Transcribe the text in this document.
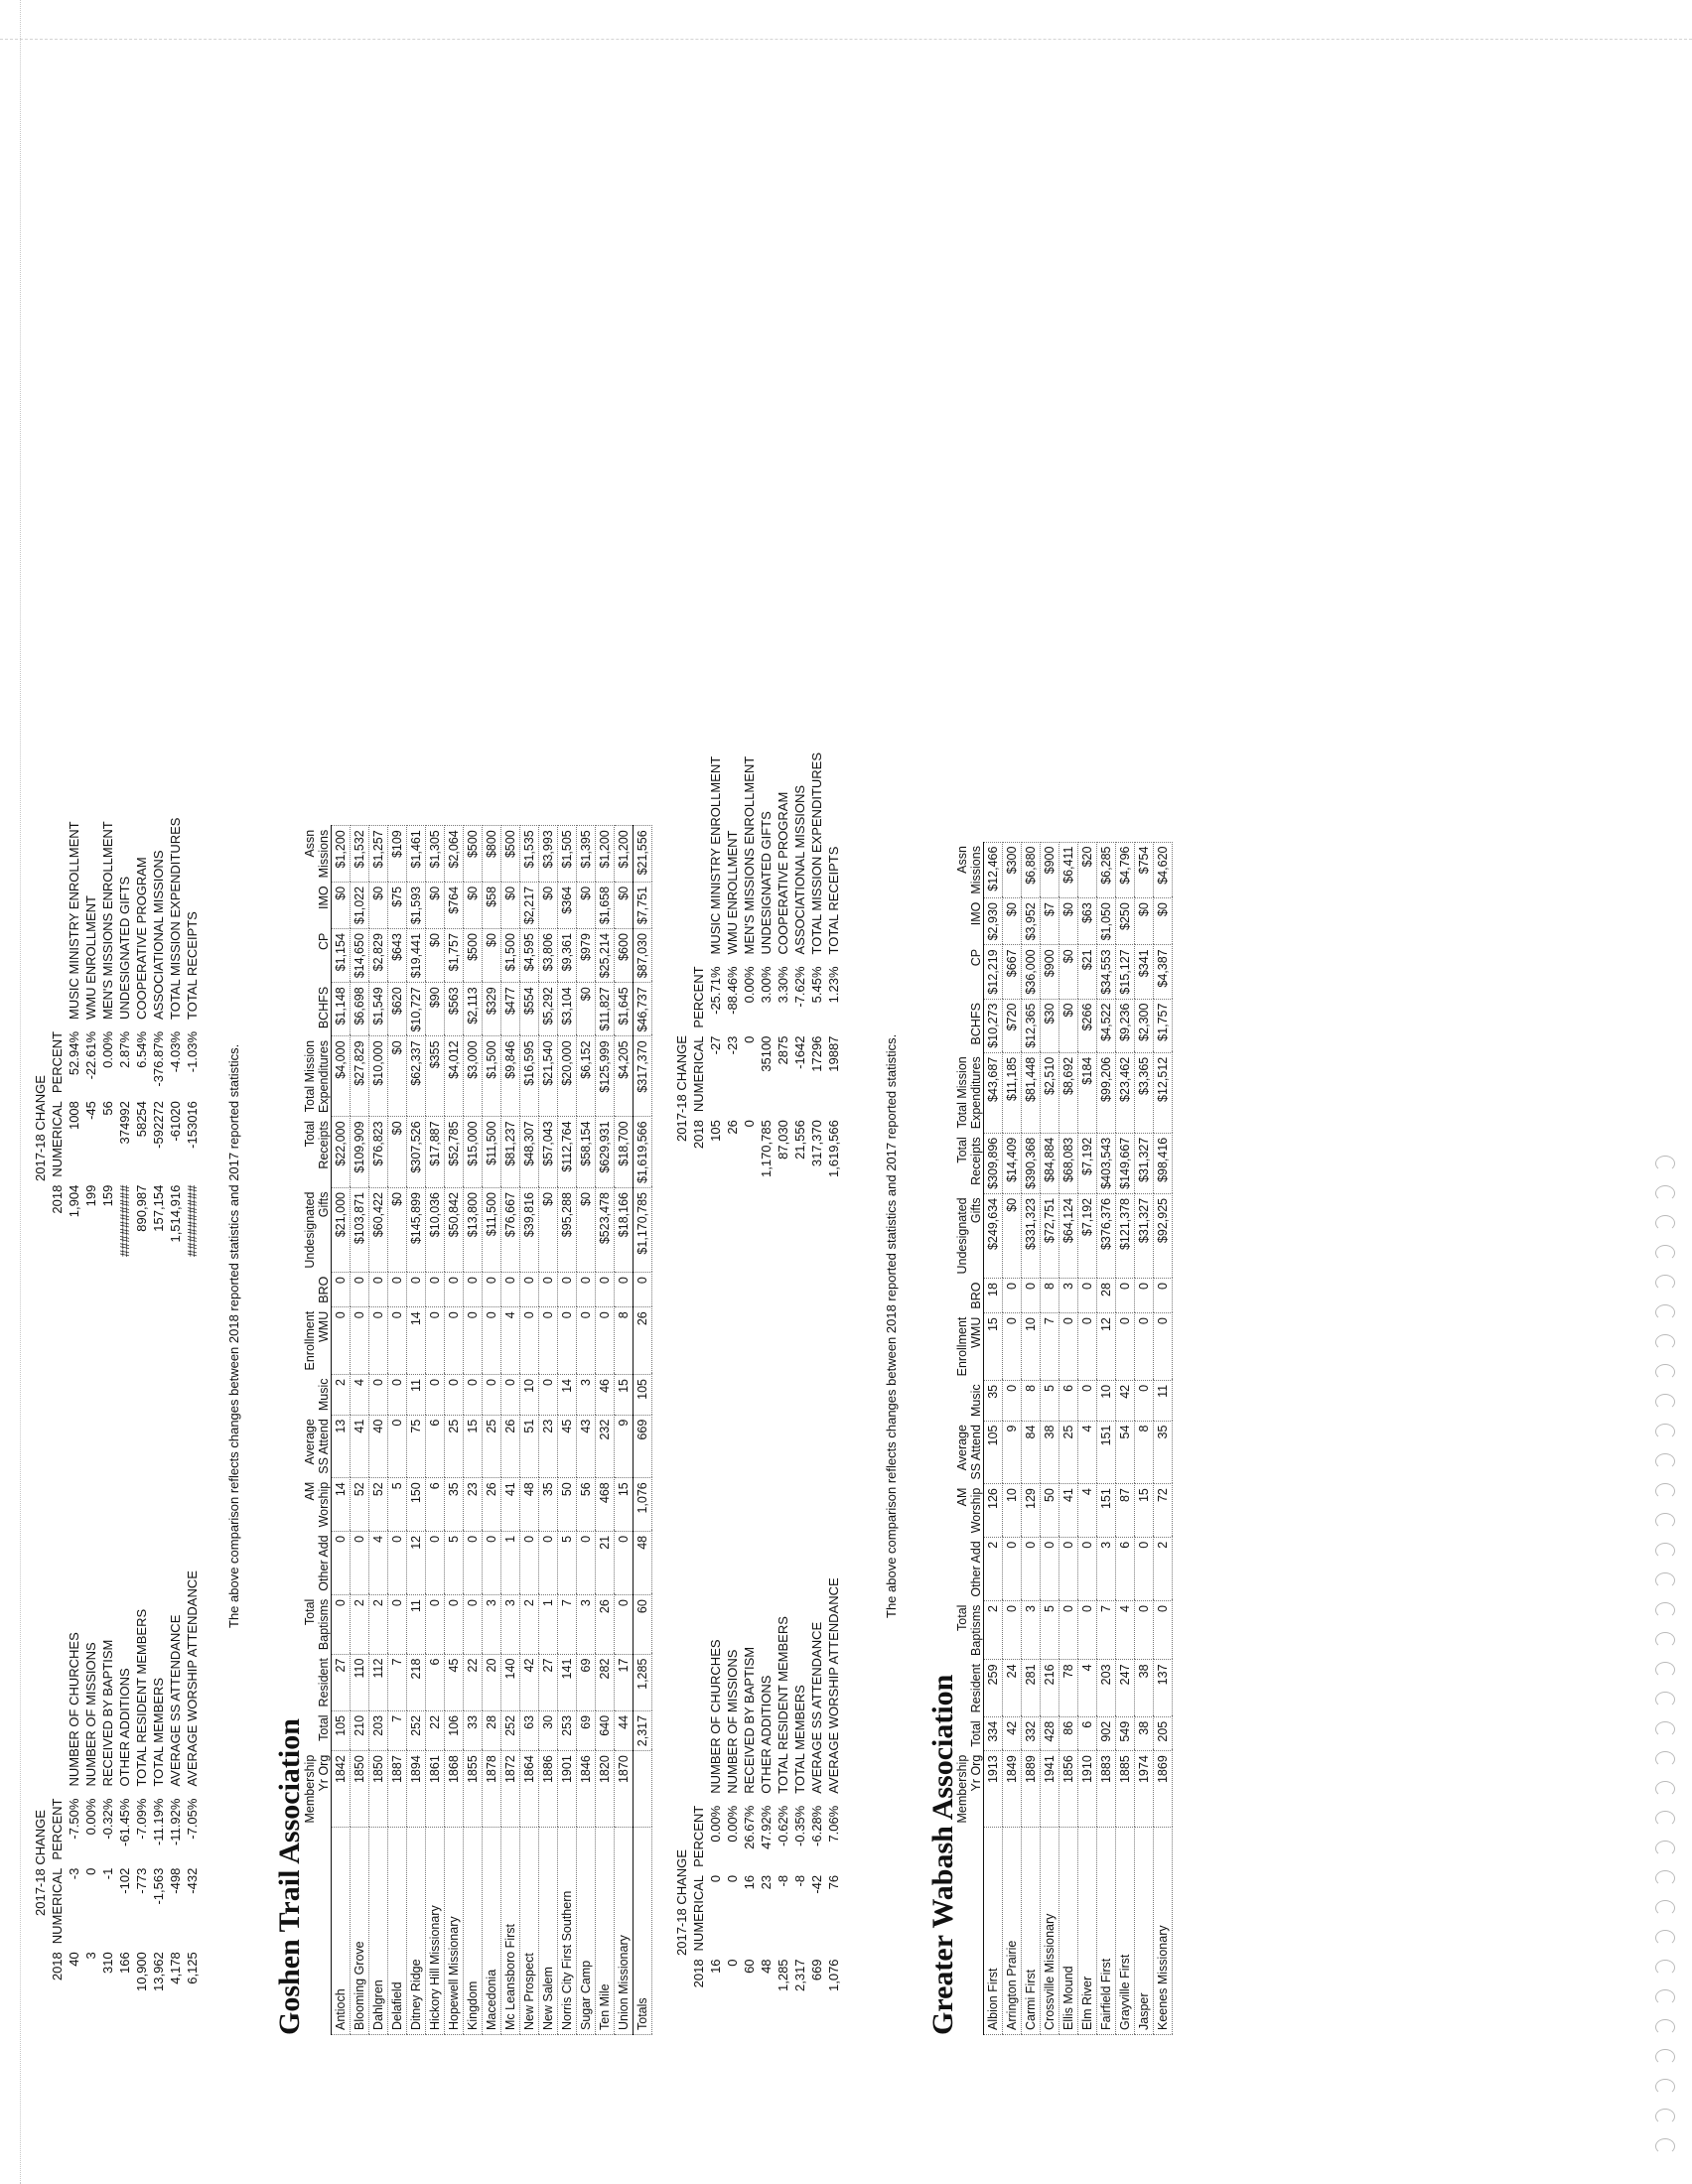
2017-18 CHANGE
2018	NUMERICAL	PERCENT	
40	-3	-7.50%	NUMBER OF CHURCHES
3	0	0.00%	NUMBER OF MISSIONS
310	-1	-0.32%	RECEIVED BY BAPTISM
166	-102	-61.45%	OTHER ADDITIONS
10,900	-773	-7.09%	TOTAL RESIDENT MEMBERS
13,962	-1,563	-11.19%	TOTAL MEMBERS
4,178	-498	-11.92%	AVERAGE SS ATTENDANCE
6,125	-432	-7.05%	AVERAGE WORSHIP ATTENDANCE
2017-18 CHANGE
2018	NUMERICAL	PERCENT	
1,904	1008	52.94%	MUSIC MINISTRY ENROLLMENT
199	-45	-22.61%	WMU ENROLLMENT
159	56	0.00%	MEN'S MISSIONS ENROLLMENT
##########	374992	2.87%	UNDESIGNATED GIFTS
890,987	58254	6.54%	COOPERATIVE PROGRAM
157,154	-592272	-376.87%	ASSOCIATIONAL MISSIONS
1,514,916	-61020	-4.03%	TOTAL MISSION EXPENDITURES
##########	-153016	-1.03%	TOTAL RECEIPTS
The above comparison reflects changes between 2018 reported statistics and 2017 reported statistics.
Goshen Trail Association
	Membership			Total		AM	Average		Enrollment		Undesignated	Total	Total Mission				Assn
	Yr Org	Total	Resident	Baptisms	Other Add	Worship	SS Attend	Music	WMU	BRO	Gifts	Receipts	Expenditures	BCHFS	CP	IMO	Missions
Antioch	1842	105	27	0	0	14	13	2	0	0	$21,000	$22,000	$4,000	$1,148	$1,154	$0	$1,200
Blooming Grove	1850	210	110	2	0	52	41	4	0	0	$103,871	$109,909	$27,829	$6,698	$14,650	$1,022	$1,532
Dahlgren	1850	203	112	2	4	52	40	0	0	0	$60,422	$76,823	$10,000	$1,549	$2,829	$0	$1,257
Delafield	1887	7	7	0	0	5	0	0	0	0	$0	$0	$0	$620	$643	$75	$109
Ditney Ridge	1894	252	218	11	12	150	75	11	14	0	$145,899	$307,526	$62,337	$10,727	$19,441	$1,593	$1,461
Hickory Hill Missionary	1861	22	6	0	0	6	6	0	0	0	$10,036	$17,887	$355	$90	$0	$0	$1,305
Hopewell Missionary	1868	106	45	0	5	35	25	0	0	0	$50,842	$52,785	$4,012	$563	$1,757	$764	$2,064
Kingdom	1855	33	22	0	0	23	15	0	0	0	$13,800	$15,000	$3,000	$2,113	$500	$0	$500
Macedonia	1878	28	20	3	0	26	25	0	0	0	$11,500	$11,500	$1,500	$329	$0	$58	$800
Mc Leansboro First	1872	252	140	3	1	41	26	0	4	0	$76,667	$81,237	$9,846	$477	$1,500	$0	$500
New Prospect	1864	63	42	2	0	48	51	10	0	0	$39,816	$48,307	$16,595	$554	$4,595	$2,217	$1,535
New Salem	1886	30	27	1	0	35	23	0	0	0	$0	$57,043	$21,540	$5,292	$3,806	$0	$3,993
Norris City First Southern	1901	253	141	7	5	50	45	14	0	0	$95,288	$112,764	$20,000	$3,104	$9,361	$364	$1,505
Sugar Camp	1846	69	69	3	0	56	43	3	0	0	$0	$58,154	$6,152	$0	$979	$0	$1,395
Ten Mile	1820	640	282	26	21	468	232	46	0	0	$523,478	$629,931	$125,999	$11,827	$25,214	$1,658	$1,200
Union Missionary	1870	44	17	0	0	15	9	15	8	0	$18,166	$18,700	$4,205	$1,645	$600	$0	$1,200
Totals		2,317	1,285	60	48	1,076	669	105	26	0	$1,170,785	$1,619,566	$317,370	$46,737	$87,030	$7,751	$21,556
2017-18 CHANGE
2018	NUMERICAL	PERCENT	
16	0	0.00%	NUMBER OF CHURCHES
0	0	0.00%	NUMBER OF MISSIONS
60	16	26.67%	RECEIVED BY BAPTISM
48	23	47.92%	OTHER ADDITIONS
1,285	-8	-0.62%	TOTAL RESIDENT MEMBERS
2,317	-8	-0.35%	TOTAL MEMBERS
669	-42	-6.28%	AVERAGE SS ATTENDANCE
1,076	76	7.06%	AVERAGE WORSHIP ATTENDANCE
2017-18 CHANGE 2018	NUMERICAL	PERCENT	
105	-27	-25.71%	MUSIC MINISTRY ENROLLMENT
26	-23	-88.46%	WMU ENROLLMENT
0	0	0.00%	MEN'S MISSIONS ENROLLMENT
1,170,785	35100	3.00%	UNDESIGNATED GIFTS
87,030	2875	3.30%	COOPERATIVE PROGRAM
21,556	-1642	-7.62%	ASSOCIATIONAL MISSIONS
317,370	17296	5.45%	TOTAL MISSION EXPENDITURES
1,619,566	19887	1.23%	TOTAL RECEIPTS
The above comparison reflects changes between 2018 reported statistics and 2017 reported statistics.
Greater Wabash Association
	Membership			Total		AM	Average		Enrollment		Undesignated	Total	Total Mission				Assn
	Yr Org	Total	Resident	Baptisms	Other Add	Worship	SS Attend	Music	WMU	BRO	Gifts	Receipts	Expenditures	BCHFS	CP	IMO	Missions
Albion First	1913	334	259	2	2	126	105	35	15	18	$249,634	$309,896	$43,687	$10,273	$12,219	$2,930	$12,466
Arrington Prairie	1849	42	24	0	0	10	9	0	0	0	$0	$14,409	$11,185	$720	$667	$0	$300
Carmi First	1889	332	281	3	0	129	84	8	10	0	$331,323	$390,368	$81,448	$12,365	$36,000	$3,952	$6,880
Crossville Missionary	1941	428	216	5	0	50	38	5	7	8	$72,751	$84,884	$2,510	$30	$900	$7	$900
Ellis Mound	1856	86	78	0	0	41	25	6	0	3	$64,124	$68,083	$8,692	$0	$0	$0	$6,411
Elm River	1910	6	4	0	0	4	4	0	0	0	$7,192	$7,192	$184	$266	$21	$63	$20
Fairfield First	1883	902	203	7	3	151	151	10	12	28	$376,376	$403,543	$99,206	$4,522	$34,553	$1,050	$6,285
Grayville First	1885	549	247	4	6	87	54	42	0	0	$121,378	$149,667	$23,462	$9,236	$15,127	$250	$4,796
Jasper	1974	38	38	0	0	15	8	0	0	0	$31,327	$31,327	$3,365	$2,300	$341	$0	$754
Keenes Missionary	1869	205	137	0	2	72	35	11	0	0	$92,925	$98,416	$12,512	$1,757	$4,387	$0	$4,620
